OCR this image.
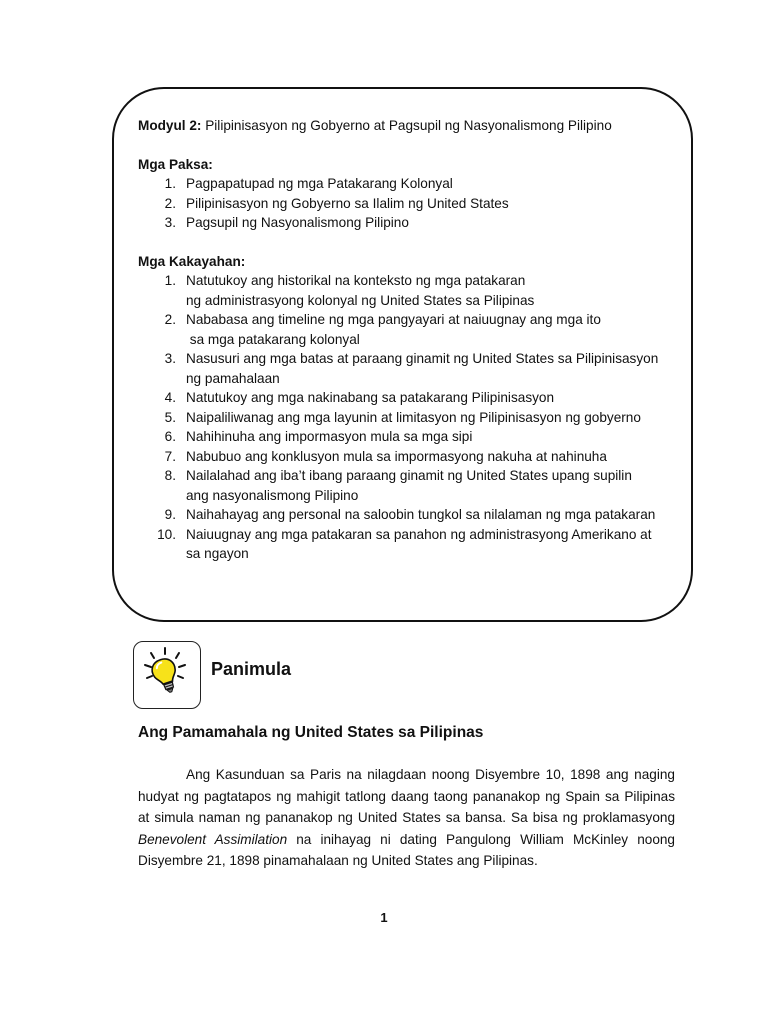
Modyul 2: Pilipinisasyon ng Gobyerno at Pagsupil ng Nasyonalismong Pilipino
Mga Paksa:
1. Pagpapatupad ng mga Patakarang Kolonyal
2. Pilipinisasyon ng Gobyerno sa Ilalim ng United States
3. Pagsupil ng Nasyonalismong Pilipino
Mga Kakayahan:
1. Natutukoy ang historikal na konteksto ng mga patakaran
ng administrasyong kolonyal ng United States sa Pilipinas
2. Nababasa ang timeline ng mga pangyayari at naiuugnay ang mga ito
sa mga patakarang kolonyal
3. Nasusuri ang mga batas at paraang ginamit ng United States sa Pilipinisasyon
ng pamahalaan
4. Natutukoy ang mga nakinabang sa patakarang Pilipinisasyon
5. Naipaliliwanag ang mga layunin at limitasyon ng Pilipinisasyon ng gobyerno
6. Nahihinuha ang impormasyon mula sa mga sipi
7. Nabubuo ang konklusyon mula sa impormasyong nakuha at nahinuha
8. Nailalahad ang iba’t ibang paraang ginamit ng United States upang supilin
ang nasyonalismong Pilipino
9. Naihahayag ang personal na saloobin tungkol sa nilalaman ng mga patakaran
10. Naiuugnay ang mga patakaran sa panahon ng administrasyong Amerikano at
sa ngayon
Panimula
Ang Pamamahala ng United States sa Pilipinas
Ang Kasunduan sa Paris na nilagdaan noong Disyembre 10, 1898 ang naging hudyat ng pagtatapos ng mahigit tatlong daang taong pananakop ng Spain sa Pilipinas at simula naman ng pananakop ng United States sa bansa. Sa bisa ng proklamasyong Benevolent Assimilation na inihayag ni dating Pangulong William McKinley noong Disyembre 21, 1898 pinamahalaan ng United States ang Pilipinas.
1
